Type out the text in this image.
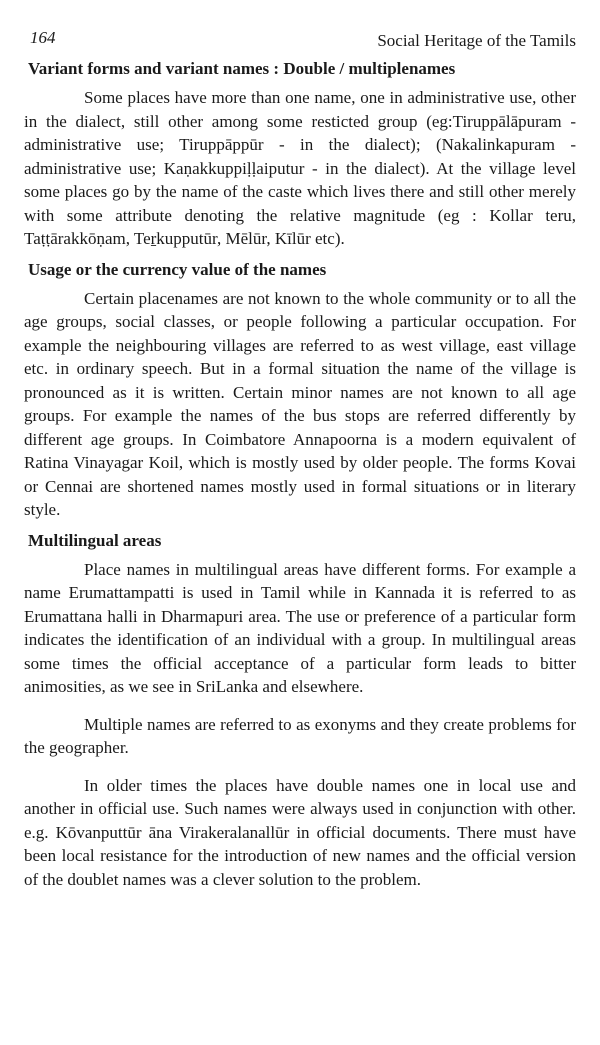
164	Social Heritage of the Tamils
Variant forms and variant names : Double / multiplenames

Some places have more than one name, one in administrative use, other in the dialect, still other among some resticted group (eg:Tiruppālāpuram - administrative use; Tiruppāppūr - in the dialect); (Nakalinkapuram - administrative use; Kaṇakkuppiḷḷaiputur - in the dialect). At the village level some places go by the name of the caste which lives there and still other merely with some attribute denoting the relative magnitude (eg : Kollar teru, Taṭṭārakkōṇam, Teṟkupputūr, Mēlūr, Kīlūr etc).

Usage or the currency value of the names

Certain placenames are not known to the whole community or to all the age groups, social classes, or people following a particular occupation. For example the neighbouring villages are referred to as west village, east village etc. in ordinary speech. But in a formal situation the name of the village is pronounced as it is written. Certain minor names are not known to all age groups. For example the names of the bus stops are referred differently by different age groups. In Coimbatore Annapoorna is a modern equivalent of Ratina Vinayagar Koil, which is mostly used by older people. The forms Kovai or Cennai are shortened names mostly used in formal situations or in literary style.

Multilingual areas

Place names in multilingual areas have different forms. For example a name Erumattampatti is used in Tamil while in Kannada it is referred to as Erumattana halli in Dharmapuri area. The use or preference of a particular form indicates the identification of an individual with a group. In multilingual areas some times the official acceptance of a particular form leads to bitter animosities, as we see in SriLanka and elsewhere.

Multiple names are referred to as exonyms and they create problems for the geographer.

In older times the places have double names one in local use and another in official use. Such names were always used in conjunction with other. e.g. Kōvanputtūr āna Virakeralanallūr in official documents. There must have been local resistance for the introduction of new names and the official version of the doublet names was a clever solution to the problem.
